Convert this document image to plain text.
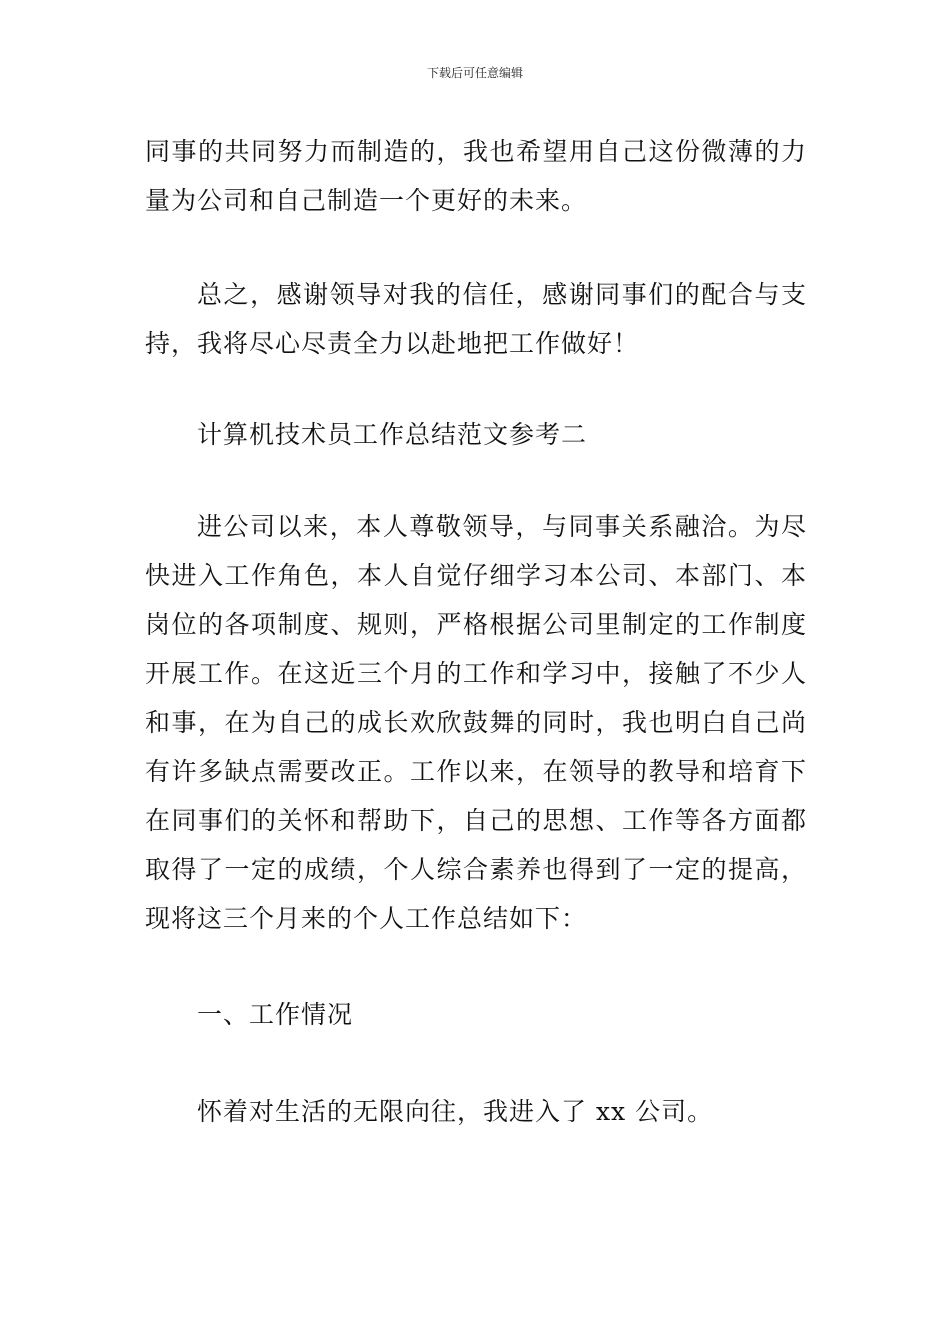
下载后可任意编辑

同事的共同努力而制造的，我也希望用自己这份微薄的力量为公司和自己制造一个更好的未来。

总之，感谢领导对我的信任，感谢同事们的配合与支持，我将尽心尽责全力以赴地把工作做好！

计算机技术员工作总结范文参考二

进公司以来，本人尊敬领导，与同事关系融洽。为尽快进入工作角色，本人自觉仔细学习本公司、本部门、本岗位的各项制度、规则，严格根据公司里制定的工作制度开展工作。在这近三个月的工作和学习中，接触了不少人和事，在为自己的成长欢欣鼓舞的同时，我也明白自己尚有许多缺点需要改正。工作以来，在领导的教导和培育下在同事们的关怀和帮助下，自己的思想、工作等各方面都取得了一定的成绩，个人综合素养也得到了一定的提高，现将这三个月来的个人工作总结如下：

一、工作情况

怀着对生活的无限向往，我进入了 xx 公司。
